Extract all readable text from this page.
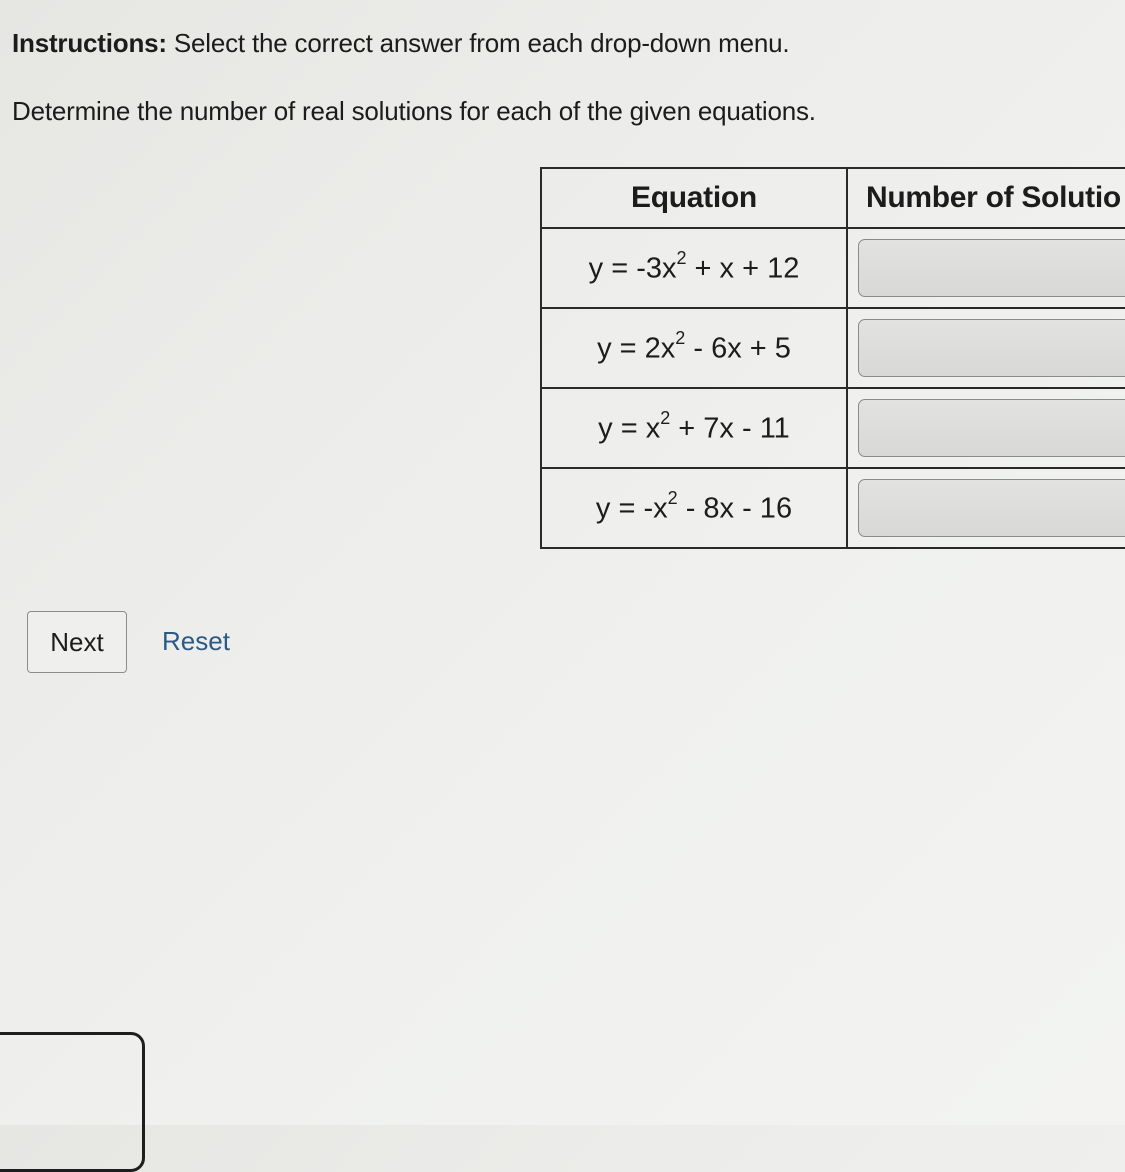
Instructions: Select the correct answer from each drop-down menu.
Determine the number of real solutions for each of the given equations.
Equation	Number of Solutio
$y = -3x^2 + x + 12$	

$y = 2x^2 - 6x + 5$	

$y = x^2 + 7x - 11$	

$y = -x^2 - 8x - 16$	
Next	Reset
